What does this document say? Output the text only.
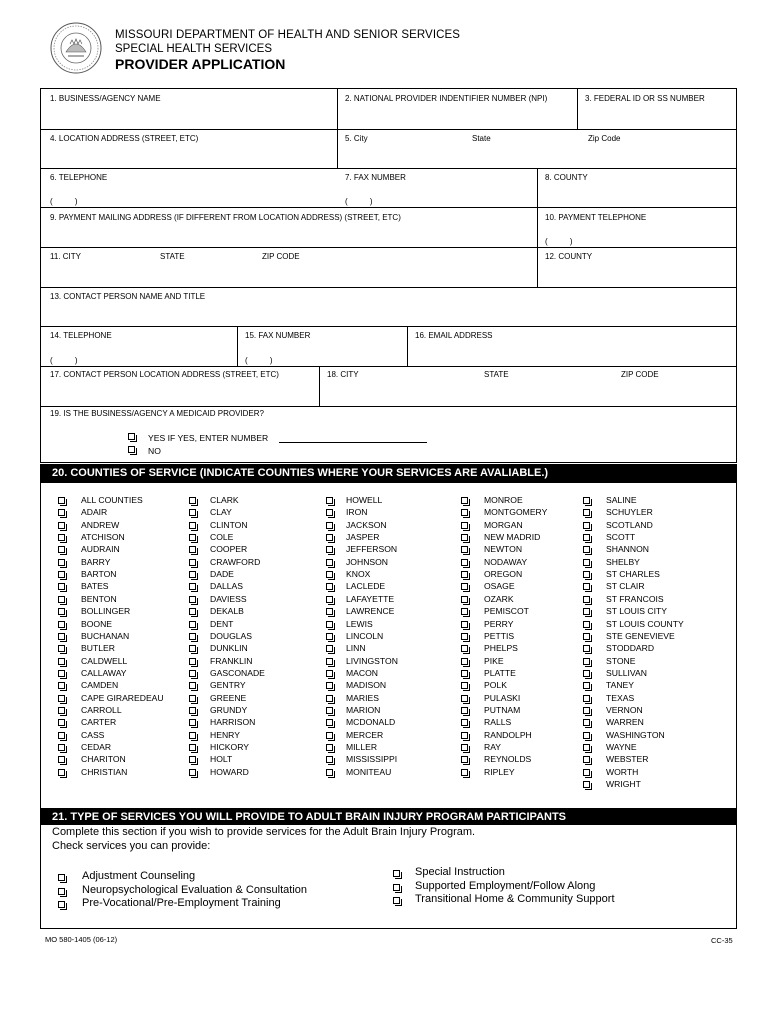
MISSOURI DEPARTMENT OF HEALTH AND SENIOR SERVICES
SPECIAL HEALTH SERVICES
PROVIDER APPLICATION
1. BUSINESS/AGENCY NAME	2. NATIONAL PROVIDER INDENTIFIER NUMBER (NPI)	3. FEDERAL ID OR SS NUMBER
4. LOCATION ADDRESS (STREET, ETC)	5. City	State	Zip Code
6. TELEPHONE	7. FAX NUMBER	8. COUNTY
(          )	(          )
9. PAYMENT MAILING ADDRESS (IF DIFFERENT FROM LOCATION ADDRESS) (STREET, ETC)	10. PAYMENT TELEPHONE
(          )
11. CITY	STATE	ZIP CODE	12. COUNTY
13. CONTACT PERSON NAME AND TITLE
14. TELEPHONE	15. FAX NUMBER	16. EMAIL ADDRESS
(          )	(          )
17. CONTACT PERSON LOCATION ADDRESS (STREET, ETC)	18. CITY	STATE	ZIP CODE
19. IS THE BUSINESS/AGENCY A MEDICAID PROVIDER?
YES IF YES, ENTER NUMBER
NO
20. COUNTIES OF SERVICE (INDICATE COUNTIES WHERE YOUR SERVICES ARE AVALIABLE.)
ALL COUNTIES
ADAIR
ANDREW
ATCHISON
AUDRAIN
BARRY
BARTON
BATES
BENTON
BOLLINGER
BOONE
BUCHANAN
BUTLER
CALDWELL
CALLAWAY
CAMDEN
CAPE GIRAREDEAU
CARROLL
CARTER
CASS
CEDAR
CHARITON
CHRISTIAN
CLARK
CLAY
CLINTON
COLE
COOPER
CRAWFORD
DADE
DALLAS
DAVIESS
DEKALB
DENT
DOUGLAS
DUNKLIN
FRANKLIN
GASCONADE
GENTRY
GREENE
GRUNDY
HARRISON
HENRY
HICKORY
HOLT
HOWARD
HOWELL
IRON
JACKSON
JASPER
JEFFERSON
JOHNSON
KNOX
LACLEDE
LAFAYETTE
LAWRENCE
LEWIS
LINCOLN
LINN
LIVINGSTON
MACON
MADISON
MARIES
MARION
MCDONALD
MERCER
MILLER
MISSISSIPPI
MONITEAU
MONROE
MONTGOMERY
MORGAN
NEW MADRID
NEWTON
NODAWAY
OREGON
OSAGE
OZARK
PEMISCOT
PERRY
PETTIS
PHELPS
PIKE
PLATTE
POLK
PULASKI
PUTNAM
RALLS
RANDOLPH
RAY
REYNOLDS
RIPLEY
SALINE
SCHUYLER
SCOTLAND
SCOTT
SHANNON
SHELBY
ST CHARLES
ST CLAIR
ST FRANCOIS
ST LOUIS CITY
ST LOUIS COUNTY
STE GENEVIEVE
STODDARD
STONE
SULLIVAN
TANEY
TEXAS
VERNON
WARREN
WASHINGTON
WAYNE
WEBSTER
WORTH
WRIGHT
21. TYPE OF SERVICES YOU WILL PROVIDE TO ADULT BRAIN INJURY PROGRAM PARTICIPANTS
Complete this section if you wish to provide services for the Adult Brain Injury Program.
Check services you can provide:
Adjustment Counseling
Neuropsychological Evaluation & Consultation
Pre-Vocational/Pre-Employment Training
Special Instruction
Supported Employment/Follow Along
Transitional Home & Community Support
MO 580-1405 (06-12)	CC-35
